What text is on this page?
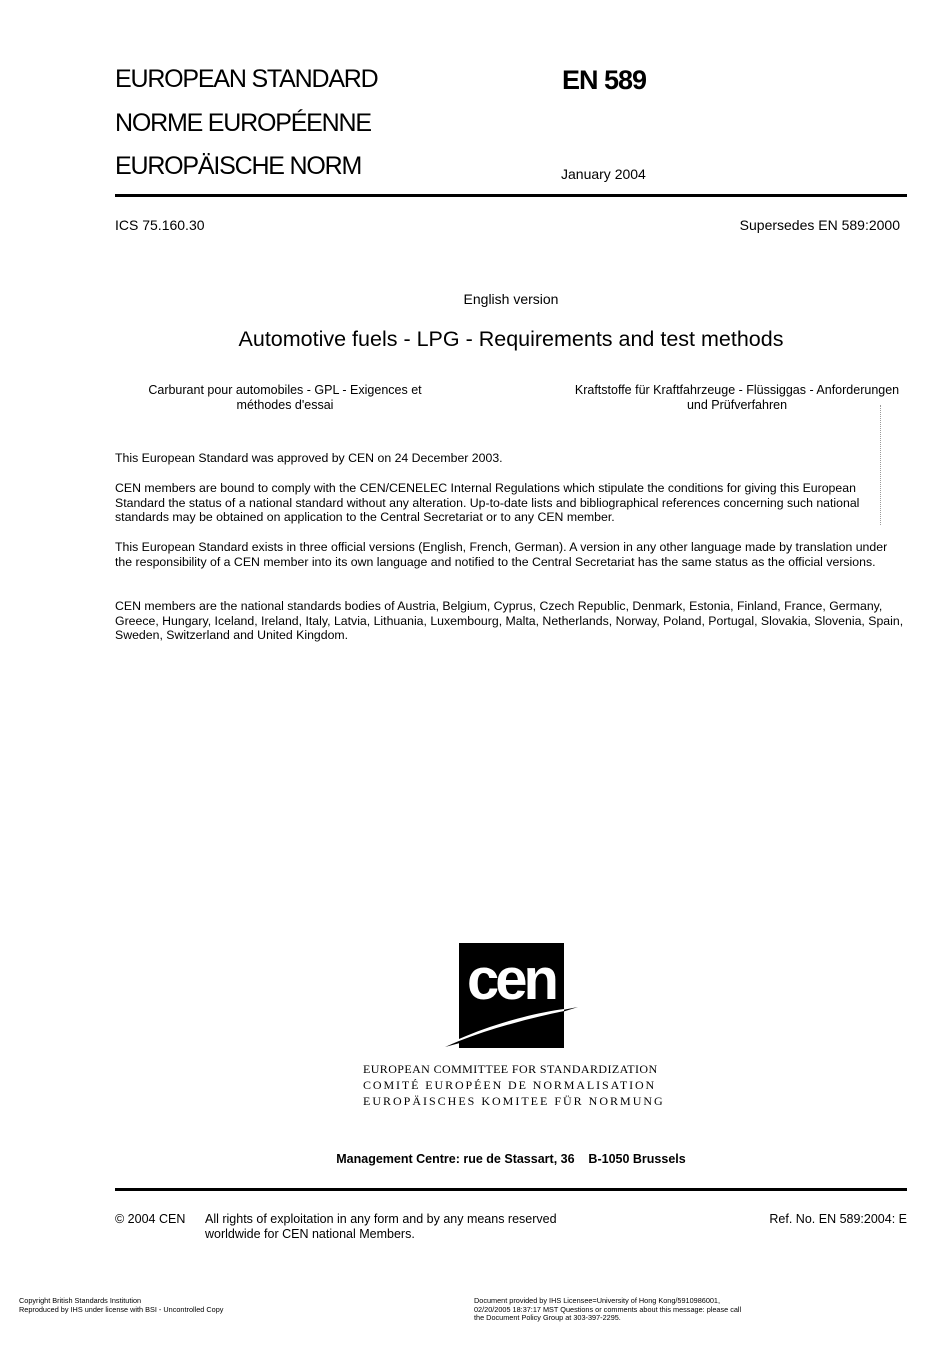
EUROPEAN STANDARD
NORME EUROPÉENNE
EUROPÄISCHE NORM
EN 589
January 2004
ICS 75.160.30	Supersedes EN 589:2000
English version
Automotive fuels - LPG - Requirements and test methods
Carburant pour automobiles - GPL - Exigences et méthodes d'essai
Kraftstoffe für Kraftfahrzeuge - Flüssiggas - Anforderungen und Prüfverfahren
This European Standard was approved by CEN on 24 December 2003.
CEN members are bound to comply with the CEN/CENELEC Internal Regulations which stipulate the conditions for giving this European Standard the status of a national standard without any alteration. Up-to-date lists and bibliographical references concerning such national standards may be obtained on application to the Central Secretariat or to any CEN member.
This European Standard exists in three official versions (English, French, German). A version in any other language made by translation under the responsibility of a CEN member into its own language and notified to the Central Secretariat has the same status as the official versions.
CEN members are the national standards bodies of Austria, Belgium, Cyprus, Czech Republic, Denmark, Estonia, Finland, France, Germany, Greece, Hungary, Iceland, Ireland, Italy, Latvia, Lithuania, Luxembourg, Malta, Netherlands, Norway, Poland, Portugal, Slovakia, Slovenia, Spain, Sweden, Switzerland and United Kingdom.
cen
EUROPEAN COMMITTEE FOR STANDARDIZATION
COMITÉ EUROPÉEN DE NORMALISATION
EUROPÄISCHES KOMITEE FÜR NORMUNG
Management Centre: rue de Stassart, 36    B-1050 Brussels
© 2004 CEN All rights of exploitation in any form and by any means reserved worldwide for CEN national Members.
Ref. No. EN 589:2004: E
Copyright British Standards Institution
Reproduced by IHS under license with BSI - Uncontrolled Copy
Document provided by IHS Licensee=University of Hong Kong/5910986001,
02/20/2005 18:37:17 MST Questions or comments about this message: please call
the Document Policy Group at 303-397-2295.
